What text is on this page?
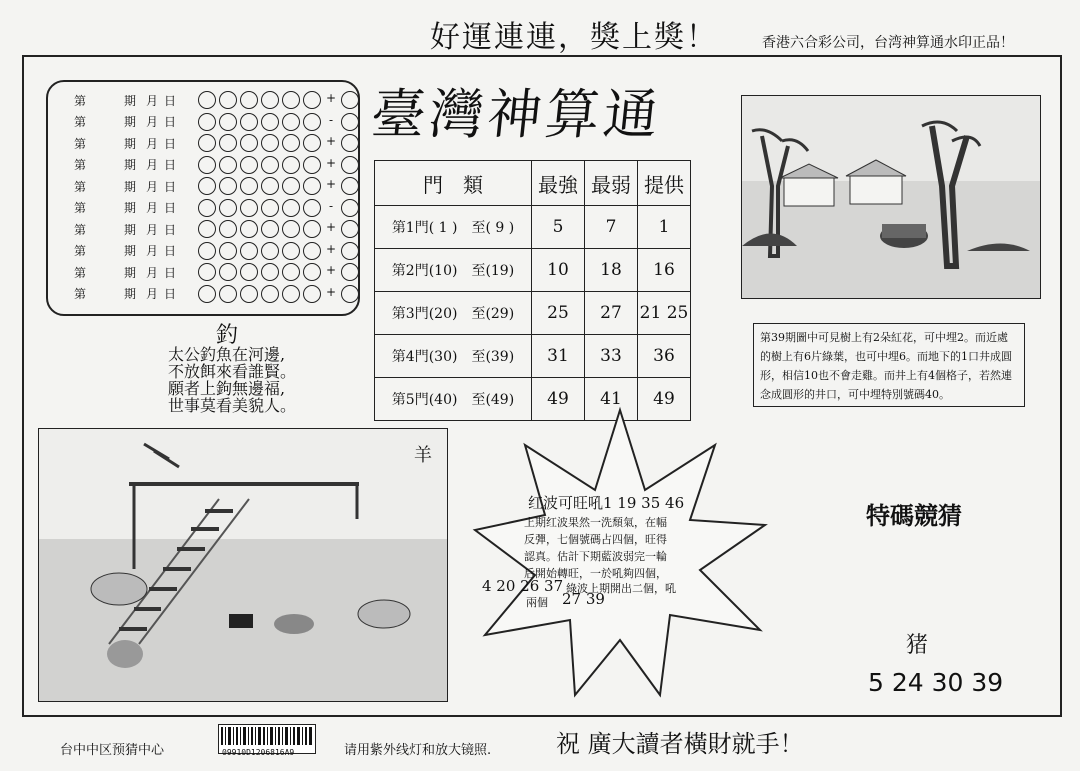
好運連連，獎上獎！	香港六合彩公司，台湾神算通水印正品！
第	期 月 日	+
第	期 月 日	-
第	期 月 日	+
第	期 月 日	+
第	期 月 日	+
第	期 月 日	-
第	期 月 日	+
第	期 月 日	+
第	期 月 日	+
第	期 月 日	+
臺灣神算通
門　類	最強	最弱	提供
第1門( 1 )　至( 9 )	5	7	1
第2門(10)　至(19)	10	18	16
第3門(20)　至(29)	25	27	21 25
第4門(30)　至(39)	31	33	36
第5門(40)　至(49)	49	41	49
釣
太公釣魚在河邊,
不放餌來看誰賢。
願者上鉤無邊福,
世事莫看美貌人。
第39期圖中可見樹上有2朵紅花，可中埋2。而近處的樹上有6片綠葉，也可中埋6。而地下的1口井成圓形，相信10也不會走雞。而井上有4個格子，若然連念成圓形的井口，可中埋特別號碼40。
羊
红波可旺吼1 19 35 46
上期红波果然一洗頹氣，在幅
反彈，七個號碼占四個，旺得
認真。估計下期藍波弱完一輪
后開始轉旺，一於吼夠四個，
4 20 26 37 綠波上期開出二個，吼
兩個 27 39
特碼競猜
猪
5 24 30 39
台中中区预猜中心	09910D1206816A9	请用紫外线灯和放大镜照.	祝 廣大讀者橫財就手！
